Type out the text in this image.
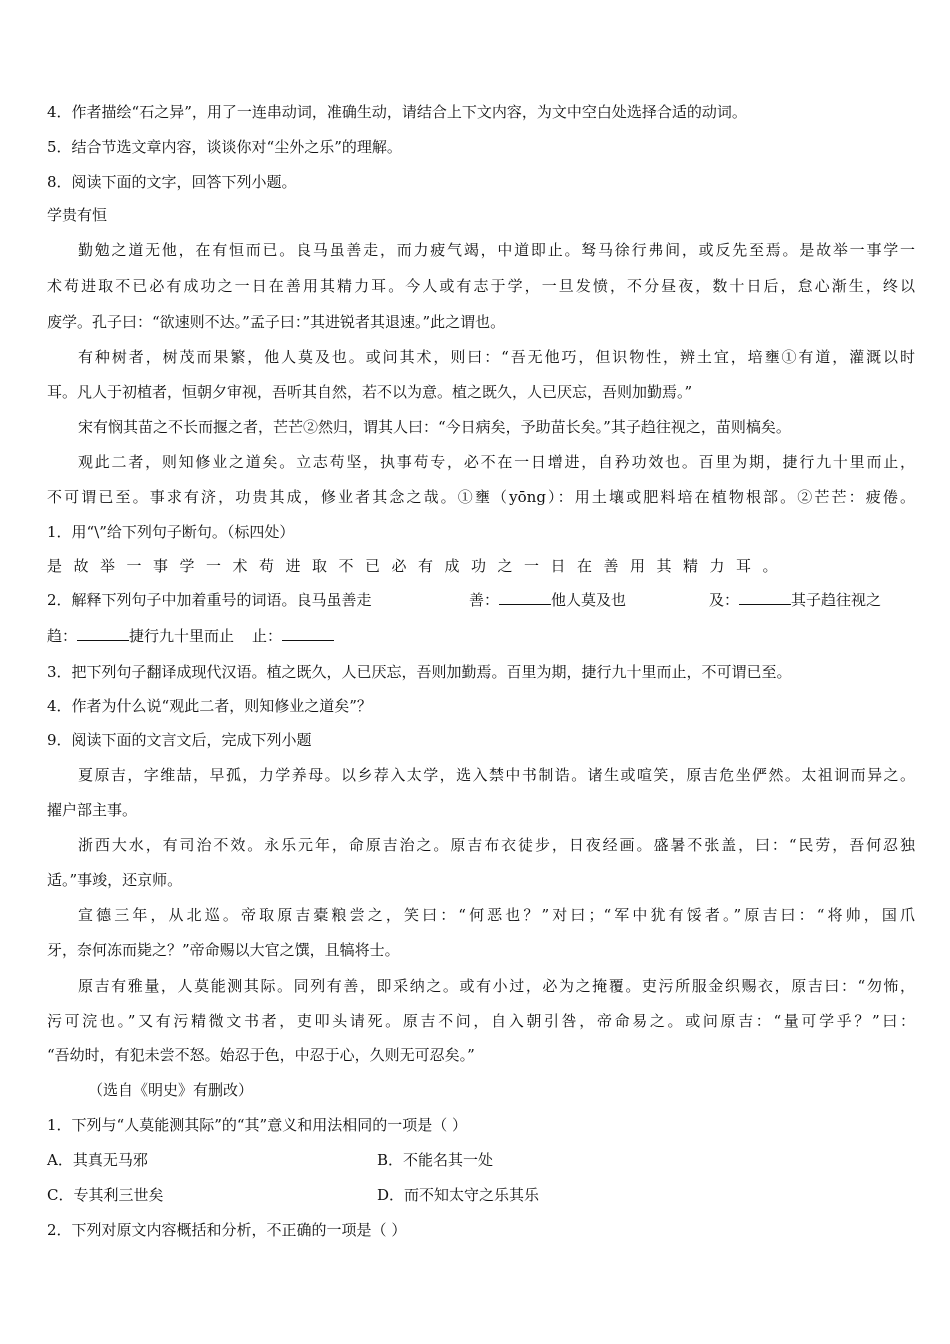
4．作者描绘“石之异”，用了一连串动词，准确生动，请结合上下文内容，为文中空白处选择合适的动词。
5．结合节选文章内容，谈谈你对“尘外之乐”的理解。
8．阅读下面的文字，回答下列小题。
学贵有恒
勤勉之道无他，在有恒而已。良马虽善走，而力疲气竭，中道即止。驽马徐行弗间，或反先至焉。是故举一事学一
术苟进取不已必有成功之一日在善用其精力耳。今人或有志于学，一旦发愤，不分昼夜，数十日后，怠心渐生，终以
废学。孔子曰：“欲速则不达。”孟子曰：”其进锐者其退速。”此之谓也。
有种树者，树茂而果繁，他人莫及也。或问其术，则曰：“吾无他巧，但识物性，辨土宜，培壅①有道，灌溉以时
耳。凡人于初植者，恒朝夕审视，吾听其自然，若不以为意。植之既久，人已厌忘，吾则加勤焉。”
宋有悯其苗之不长而揠之者，芒芒②然归，谓其人曰：“今日病矣，予助苗长矣。”其子趋往视之，苗则槁矣。
观此二者，则知修业之道矣。立志苟坚，执事苟专，必不在一日增进，自矜功效也。百里为期，捷行九十里而止，
不可谓已至。事求有济，功贵其成，修业者其念之哉。①壅（yōng）：用土壤或肥料培在植物根部。②芒芒：疲倦。
1．用“\”给下列句子断句。（标四处）
是故举一事学一术苟进取不已必有成功之一日在善用其精力耳。
2．解释下列句子中加着重号的词语。良马虽善走	善：	他人莫及也	及：	其子趋往视之
趋：	捷行九十里而止 止：
3．把下列句子翻译成现代汉语。植之既久，人已厌忘，吾则加勤焉。百里为期，捷行九十里而止，不可谓已至。
4．作者为什么说“观此二者，则知修业之道矣”？
9．阅读下面的文言文后，完成下列小题
夏原吉，字维喆，早孤，力学养母。以乡荐入太学，选入禁中书制诰。诸生或喧笑，原吉危坐俨然。太祖诇而异之。
擢户部主事。
浙西大水，有司治不效。永乐元年，命原吉治之。原吉布衣徒步，日夜经画。盛暑不张盖，曰：“民劳，吾何忍独
适。”事竣，还京师。
宣德三年，从北巡。帝取原吉橐粮尝之，笑曰：“何恶也？”对曰；“军中犹有馁者。”原吉曰：“将帅，国爪
牙，奈何冻而毙之？”帝命赐以大官之馔，且犒将士。
原吉有雅量，人莫能测其际。同列有善，即采纳之。或有小过，必为之掩覆。吏污所服金织赐衣，原吉曰：“勿怖，
污可浣也。”又有污精微文书者，吏叩头请死。原吉不问，自入朝引咎，帝命易之。或问原吉：“量可学乎？”曰：
“吾幼时，有犯未尝不怒。始忍于色，中忍于心，久则无可忍矣。”
（选自《明史》有删改）
1．下列与“人莫能测其际”的“其”意义和用法相同的一项是（ ）
A．其真无马邪	B．不能名其一处
C．专其利三世矣	D．而不知太守之乐其乐
2．下列对原文内容概括和分析，不正确的一项是（ ）
